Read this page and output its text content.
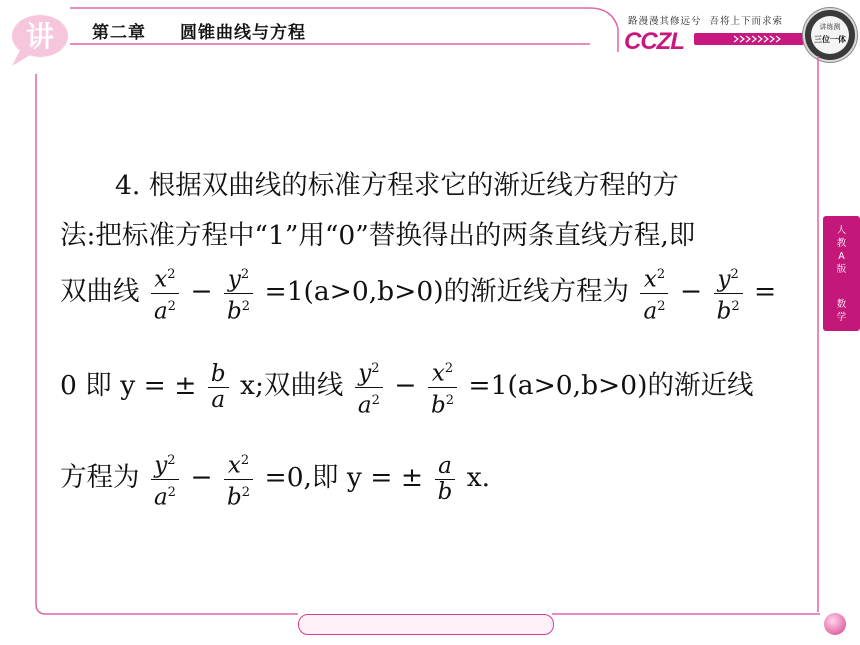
第二章 圆锥曲线与方程
路漫漫其修远兮 吾将上下而求索
CCZL
讲练测
三位一体
讲
人
教
A
版
数
学
4. 根据双曲线的标准方程求它的渐近线方程的方
法:把标准方程中“1”用“0”替换得出的两条直线方程,即
双曲线 $\frac{x^2}{a^2} - \frac{y^2}{b^2} =1(a>0,b>0)$的渐近线方程为 $\frac{x^2}{a^2} - \frac{y^2}{b^2}$ =
0 即 y = ± $\frac{b}{a} x$;双曲线 $\frac{y^2}{a^2} - \frac{x^2}{b^2} =1(a>0,b>0)$的渐近线
方程为 $\frac{y^2}{a^2} - \frac{x^2}{b^2} =0$,即 y = ± $\frac{a}{b} x$.
